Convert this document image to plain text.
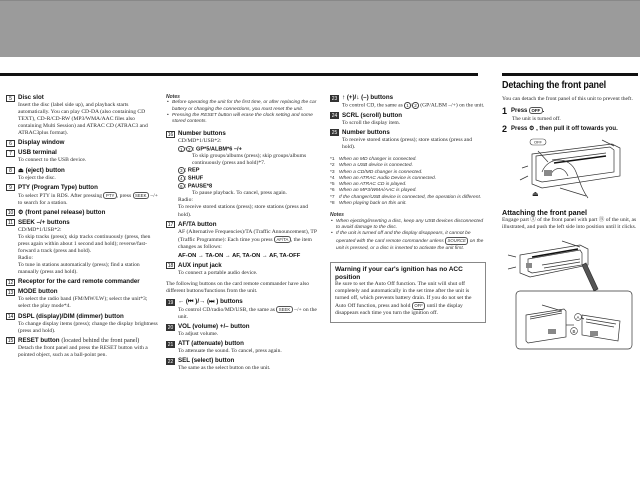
5 Disc slot
Insert the disc (label side up), and playback starts automatically. You can play CD-DA (also containing CD TEXT), CD-R/CD-RW (MP3/WMA/AAC files also containing Multi Session) and ATRAC CD (ATRAC3 and ATRAC3plus format).
6 Display window
7 USB terminal
To connect to the USB device.
8 ⏏ (eject) button
To eject the disc.
9 PTY (Program Type) button
To select PTY in RDS. After pressing PTY , press SEEK –/+ to search for a station.
10 ⚙ (front panel release) button
11 SEEK –/+ buttons
CD/MD*1/USB*2:
To skip tracks (press); skip tracks continuously (press, then press again within about 1 second and hold); reverse/fast-forward a track (press and hold).
Radio:
To tune in stations automatically (press); find a station manually (press and hold).
12 Receptor for the card remote commander
13 MODE button
To select the radio band (FM/MW/LW); select the unit*3; select the play mode*4.
14 DSPL (display)/DIM (dimmer) button
To change display items (press); change the display brightness (press and hold).
15 RESET button (located behind the front panel)
Detach the front panel and press the RESET button with a pointed object, such as a ball-point pen.
Notes
• Before operating the unit for the first time, or after replacing the car battery or changing the connections, you must reset the unit.
• Pressing the RESET button will erase the clock setting and some stored contents.
16 Number buttons
CD/MD*1/USB*2:
1 / 2 : GP*5/ALBM*6 –/+
To skip groups/albums (press); skip groups/albums continuously (press and hold)*7.
3 : REP
4 : SHUF
6 : PAUSE*8
To pause playback. To cancel, press again.
Radio:
To receive stored stations (press); store stations (press and hold).
17 AF/TA button
AF (Alternative Frequencies)/TA (Traffic Announcement), TP (Traffic Programme): Each time you press AF/TA , the item changes as follows:
AF-ON → TA-ON → AF, TA-ON → AF, TA-OFF
18 AUX input jack
To connect a portable audio device.
The following buttons on the card remote commander have also different buttons/functions from the unit.
19 ← (⏮ )/→ (⏭ ) buttons
To control CD/radio/MD/USB, the same as SEEK –/+ on the unit.
20 VOL (volume) +/– button
To adjust volume.
21 ATT (attenuate) button
To attenuate the sound. To cancel, press again.
22 SEL (select) button
The same as the select button on the unit.
23 ↑ (+)/↓ (–) buttons
To control CD, the same as 1 / 2 (GP/ALBM –/+) on the unit.
24 SCRL (scroll) button
To scroll the display item.
25 Number buttons
To receive stored stations (press); store stations (press and hold).
*1 When an MD changer is connected.
*2 When a USB device is connected.
*3 When a CD/MD changer is connected.
*4 When an ATRAC Audio Device is connected.
*5 When an ATRAC CD is played.
*6 When an MP3/WMA/AAC is played.
*7 If the changer/USB device is connected, the operation is different.
*8 When playing back on this unit.
Notes
• When ejecting/inserting a disc, keep any USB devices disconnected to avoid damage to the disc.
• If the unit is turned off and the display disappears, it cannot be operated with the card remote commander unless SOURCE on the unit is pressed, or a disc is inserted to activate the unit first.
Warning if your car's ignition has no ACC position
Be sure to set the Auto Off function. The unit will shut off completely and automatically in the set time after the unit is turned off, which prevents battery drain. If you do not set the Auto Off function, press and hold OFF until the display disappears each time you turn the ignition off.
Detaching the front panel
You can detach the front panel of this unit to prevent theft.
1 Press OFF .
The unit is turned off.
2 Press ⚙ , then pull it off towards you.
OFF
⏏
Attaching the front panel
Engage part Ⓐ of the front panel with part Ⓑ of the unit, as illustrated, and push the left side into position until it clicks.
A
B
